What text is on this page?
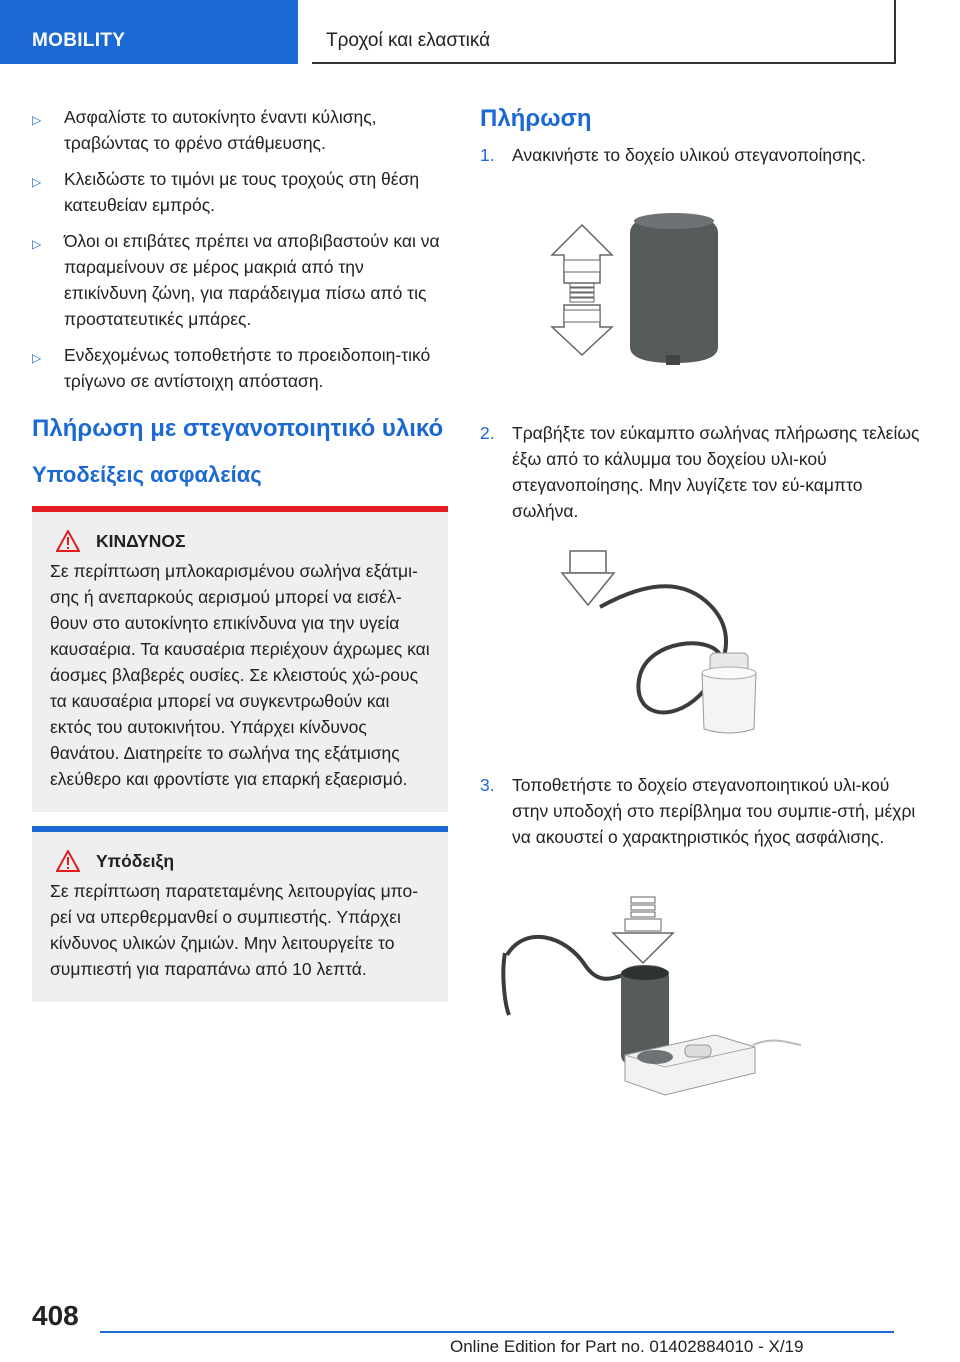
MOBILITY	Τροχοί και ελαστικά
▷ Ασφαλίστε το αυτοκίνητο έναντι κύλισης, τραβώντας το φρένο στάθμευσης.
▷ Κλειδώστε το τιμόνι με τους τροχούς στη θέση κατευθείαν εμπρός.
▷ Όλοι οι επιβάτες πρέπει να αποβιβαστούν και να παραμείνουν σε μέρος μακριά από την επικίνδυνη ζώνη, για παράδειγμα πίσω από τις προστατευτικές μπάρες.
▷ Ενδεχομένως τοποθετήστε το προειδοποιη-τικό τρίγωνο σε αντίστοιχη απόσταση.
Πλήρωση με στεγανοποιητικό υλικό
Υποδείξεις ασφαλείας
ΚΙΝΔΥΝΟΣ
Σε περίπτωση μπλοκαρισμένου σωλήνα εξάτμι-σης ή ανεπαρκούς αερισμού μπορεί να εισέλ-θουν στο αυτοκίνητο επικίνδυνα για την υγεία καυσαέρια. Τα καυσαέρια περιέχουν άχρωμες και άοσμες βλαβερές ουσίες. Σε κλειστούς χώ-ρους τα καυσαέρια μπορεί να συγκεντρωθούν και εκτός του αυτοκινήτου. Υπάρχει κίνδυνος θανάτου. Διατηρείτε το σωλήνα της εξάτμισης ελεύθερο και φροντίστε για επαρκή εξαερισμό.
Υπόδειξη
Σε περίπτωση παρατεταμένης λειτουργίας μπο-ρεί να υπερθερμανθεί ο συμπιεστής. Υπάρχει κίνδυνος υλικών ζημιών. Μην λειτουργείτε το συμπιεστή για παραπάνω από 10 λεπτά.
Πλήρωση
1. Ανακινήστε το δοχείο υλικού στεγανοποίησης.
2. Τραβήξτε τον εύκαμπτο σωλήνας πλήρωσης τελείως έξω από το κάλυμμα του δοχείου υλι-κού στεγανοποίησης. Μην λυγίζετε τον εύ-καμπτο σωλήνα.
3. Τοποθετήστε το δοχείο στεγανοποιητικού υλι-κού στην υποδοχή στο περίβλημα του συμπιε-στή, μέχρι να ακουστεί ο χαρακτηριστικός ήχος ασφάλισης.
408
Online Edition for Part no. 01402884010 - X/19
